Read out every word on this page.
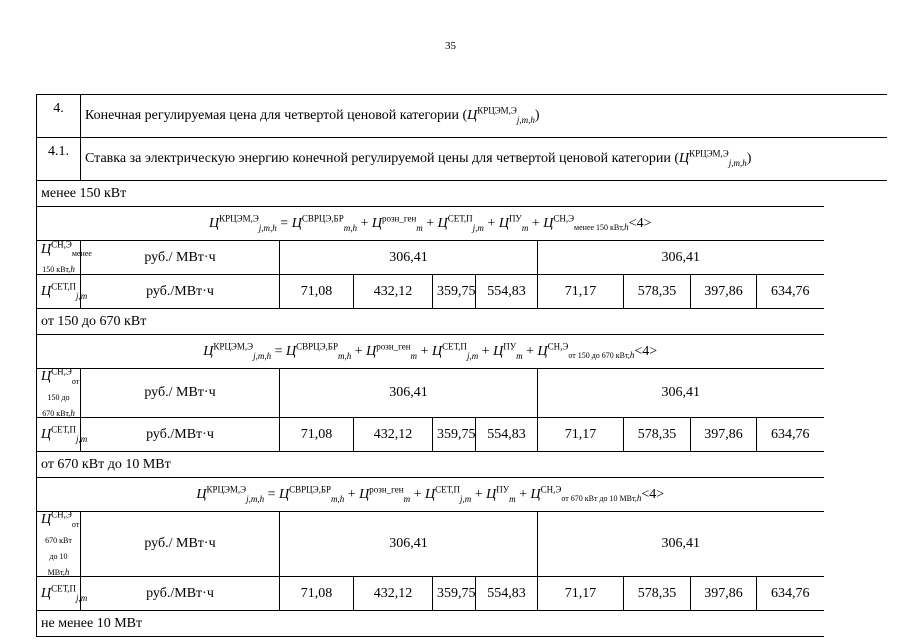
35
4.	Конечная регулируемая цена для четвертой ценовой категории $(Ц^{КРЦЭМ,Э}_{j,m,h})$								
4.1.	Ставка за электрическую энергию конечной регулируемой цены для четвертой ценовой категории $(Ц^{КРЦЭМ,Э}_{j,m,h})$								
менее 150 кВт									
$Ц^{КРЦЭМ,Э}_{j,m,h} = Ц^{СВРЦЭ,БР}_{m,h} + Ц^{розн\_ген}_m + Ц^{СЕТ,П}_{j,m} + Ц^{ПУ}_m + Ц^{СН,Э}_{менее 150 кВт,h}<4>$									
$Ц^{СН,Э}_{менее 150 кВт,h}$	руб./ МВт·ч	306,41				306,41			
$Ц^{СЕТ,П}_{j,m}$	руб./МВт·ч	71,08	432,12	359,75	554,83	71,17	578,35	397,86	634,76
от 150 до 670 кВт									
$Ц^{КРЦЭМ,Э}_{j,m,h} = Ц^{СВРЦЭ,БР}_{m,h} + Ц^{розн\_ген}_m + Ц^{СЕТ,П}_{j,m} + Ц^{ПУ}_m + Ц^{СН,Э}_{от 150 до 670 кВт,h}<4>$									
$Ц^{СН,Э}_{от 150 до 670 кВт,h}$	руб./ МВт·ч	306,41				306,41			
$Ц^{СЕТ,П}_{j,m}$	руб./МВт·ч	71,08	432,12	359,75	554,83	71,17	578,35	397,86	634,76
от 670 кВт до 10 МВт									
$Ц^{КРЦЭМ,Э}_{j,m,h} = Ц^{СВРЦЭ,БР}_{m,h} + Ц^{розн\_ген}_m + Ц^{СЕТ,П}_{j,m} + Ц^{ПУ}_m + Ц^{СН,Э}_{от 670 кВт до 10 МВт,h}<4>$									
$Ц^{СН,Э}_{от 670 кВт до 10 МВт,h}$	руб./ МВт·ч	306,41				306,41			
$Ц^{СЕТ,П}_{j,m}$	руб./МВт·ч	71,08	432,12	359,75	554,83	71,17	578,35	397,86	634,76
не менее 10 МВт									
